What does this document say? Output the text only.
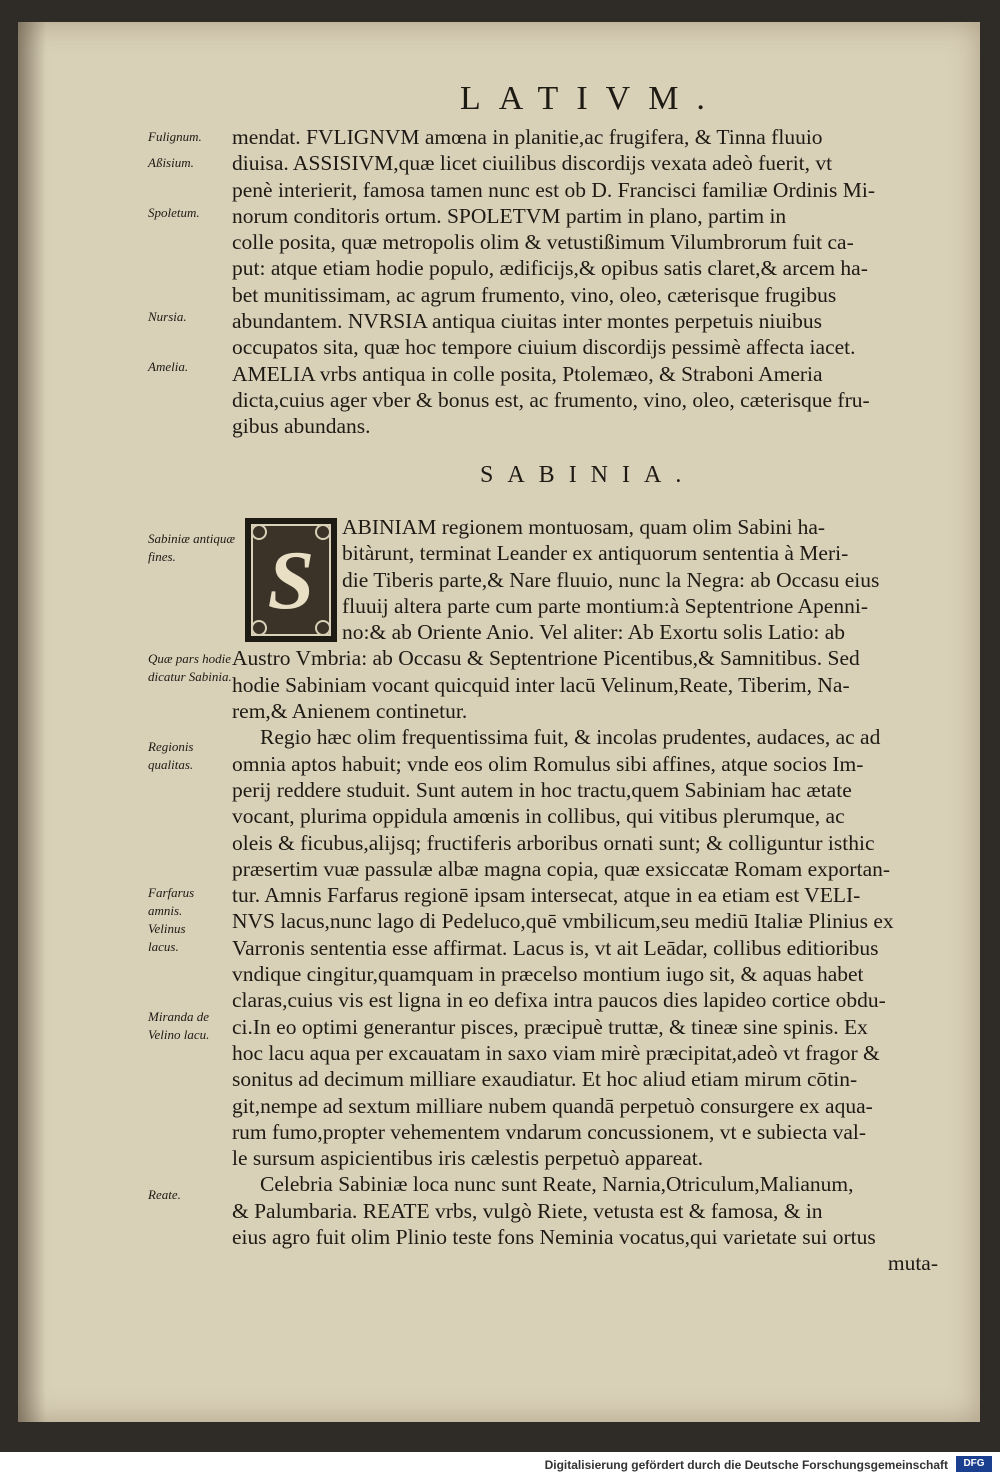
LATIVM.
Fulignum.
Aßisium.
Spoletum.
Nursia.
Amelia.
Sabiniæ antiquæ fines.
Quæ pars hodie dicatur Sabinia.
Regionis qualitas.
Farfarus amnis. Velinus lacus.
Miranda de Velino lacu.
Reate.

mendat. FVLIGNVM amœna in planitie,ac frugifera, & Tinna fluuio

diuisa. ASSISIVM,quæ licet ciuilibus discordijs vexata adeò fuerit, vt

penè interierit, famosa tamen nunc est ob D. Francisci familiæ Ordinis Mi-

norum conditoris ortum. SPOLETVM partim in plano, partim in

colle posita, quæ metropolis olim & vetustißimum Vilumbrorum fuit ca-

put: atque etiam hodie populo, ædificijs,& opibus satis claret,& arcem ha-

bet munitissimam, ac agrum frumento, vino, oleo, cæterisque frugibus

abundantem. NVRSIA antiqua ciuitas inter montes perpetuis niuibus

occupatos sita, quæ hoc tempore ciuium discordijs pessimè affecta iacet.

AMELIA vrbs antiqua in colle posita, Ptolemæo, & Straboni Ameria

dicta,cuius ager vber & bonus est, ac frumento, vino, oleo, cæterisque fru-

gibus abundans.

SABINIA.
S

ABINIAM regionem montuosam, quam olim Sabini ha-

bitàrunt, terminat Leander ex antiquorum sententia à Meri-

die Tiberis parte,& Nare fluuio, nunc la Negra: ab Occasu eius

fluuij altera parte cum parte montium:à Septentrione Apenni-

no:& ab Oriente Anio. Vel aliter: Ab Exortu solis Latio: ab

Austro Vmbria: ab Occasu & Septentrione Picentibus,& Samnitibus. Sed

hodie Sabiniam vocant quicquid inter lacū Velinum,Reate, Tiberim, Na-

rem,& Anienem continetur.

Regio hæc olim frequentissima fuit, & incolas prudentes, audaces, ac ad

omnia aptos habuit; vnde eos olim Romulus sibi affines, atque socios Im-

perij reddere studuit. Sunt autem in hoc tractu,quem Sabiniam hac ætate

vocant, plurima oppidula amœnis in collibus, qui vitibus plerumque, ac

oleis & ficubus,alijsq; fructiferis arboribus ornati sunt; & colliguntur isthic

præsertim vuæ passulæ albæ magna copia, quæ exsiccatæ Romam exportan-

tur. Amnis Farfarus regionē ipsam intersecat, atque in ea etiam est VELI-

NVS lacus,nunc lago di Pedeluco,quē vmbilicum,seu mediū Italiæ Plinius ex

Varronis sententia esse affirmat. Lacus is, vt ait Leādar, collibus editioribus

vndique cingitur,quamquam in præcelso montium iugo sit, & aquas habet

claras,cuius vis est ligna in eo defixa intra paucos dies lapideo cortice obdu-

ci.In eo optimi generantur pisces, præcipuè truttæ, & tineæ sine spinis. Ex

hoc lacu aqua per excauatam in saxo viam mirè præcipitat,adeò vt fragor &

sonitus ad decimum milliare exaudiatur. Et hoc aliud etiam mirum cōtin-

git,nempe ad sextum milliare nubem quandā perpetuò consurgere ex aqua-

rum fumo,propter vehementem vndarum concussionem, vt e subiecta val-

le sursum aspicientibus iris cælestis perpetuò appareat.

Celebria Sabiniæ loca nunc sunt Reate, Narnia,Otriculum,Malianum,

& Palumbaria. REATE vrbs, vulgò Riete, vetusta est & famosa, & in

eius agro fuit olim Plinio teste fons Neminia vocatus,qui varietate sui ortus

muta-

Digitalisierung gefördert durch die Deutsche Forschungsgemeinschaft	DFG
